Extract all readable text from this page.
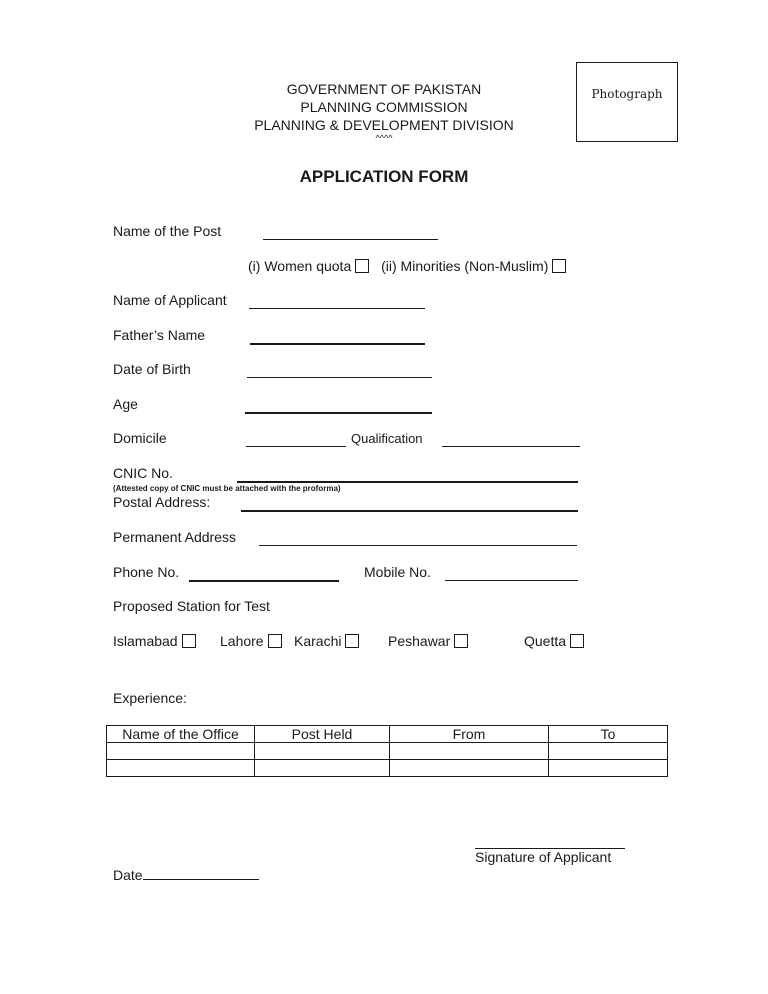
GOVERNMENT OF PAKISTAN
PLANNING COMMISSION
PLANNING & DEVELOPMENT DIVISION
^^^^
Photograph
APPLICATION FORM
Name of the Post
(i) Women quota (ii) Minorities (Non-Muslim)
Name of Applicant
Father’s Name
Date of Birth
Age
Domicile	Qualification
CNIC No.
(Attested copy of CNIC must be attached with the proforma)
Postal Address:
Permanent Address
Phone No.	Mobile No.
Proposed Station for Test
Islamabad	Lahore	Karachi	Peshawar	Quetta
Experience:
Name of the Office	Post Held	From	To

Signature of Applicant
Date
